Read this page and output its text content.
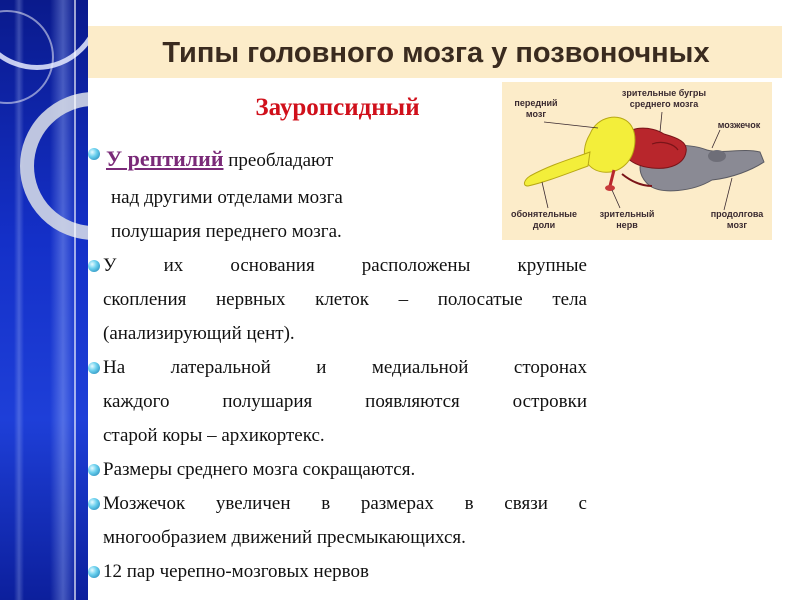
Типы головного мозга у позвоночных
Зауропсидный

У рептилий преобладают

над другими отделами мозга

полушария переднего мозга.

У их основания расположены крупные

скопления нервных клеток – полосатые тела

(анализирующий цент).

На латеральной и медиальной сторонах

каждого полушария появляются островки

старой коры – архикортекс.

Размеры среднего мозга сокращаются.

Мозжечок увеличен в размерах в связи с

многообразием движений пресмыкающихся.

12 пар черепно-мозговых нервов

передний
мозг
зрительные бугры
среднего мозга
мозжечок
обонятельные
доли
зрительный
нерв
продолгова
мозг
